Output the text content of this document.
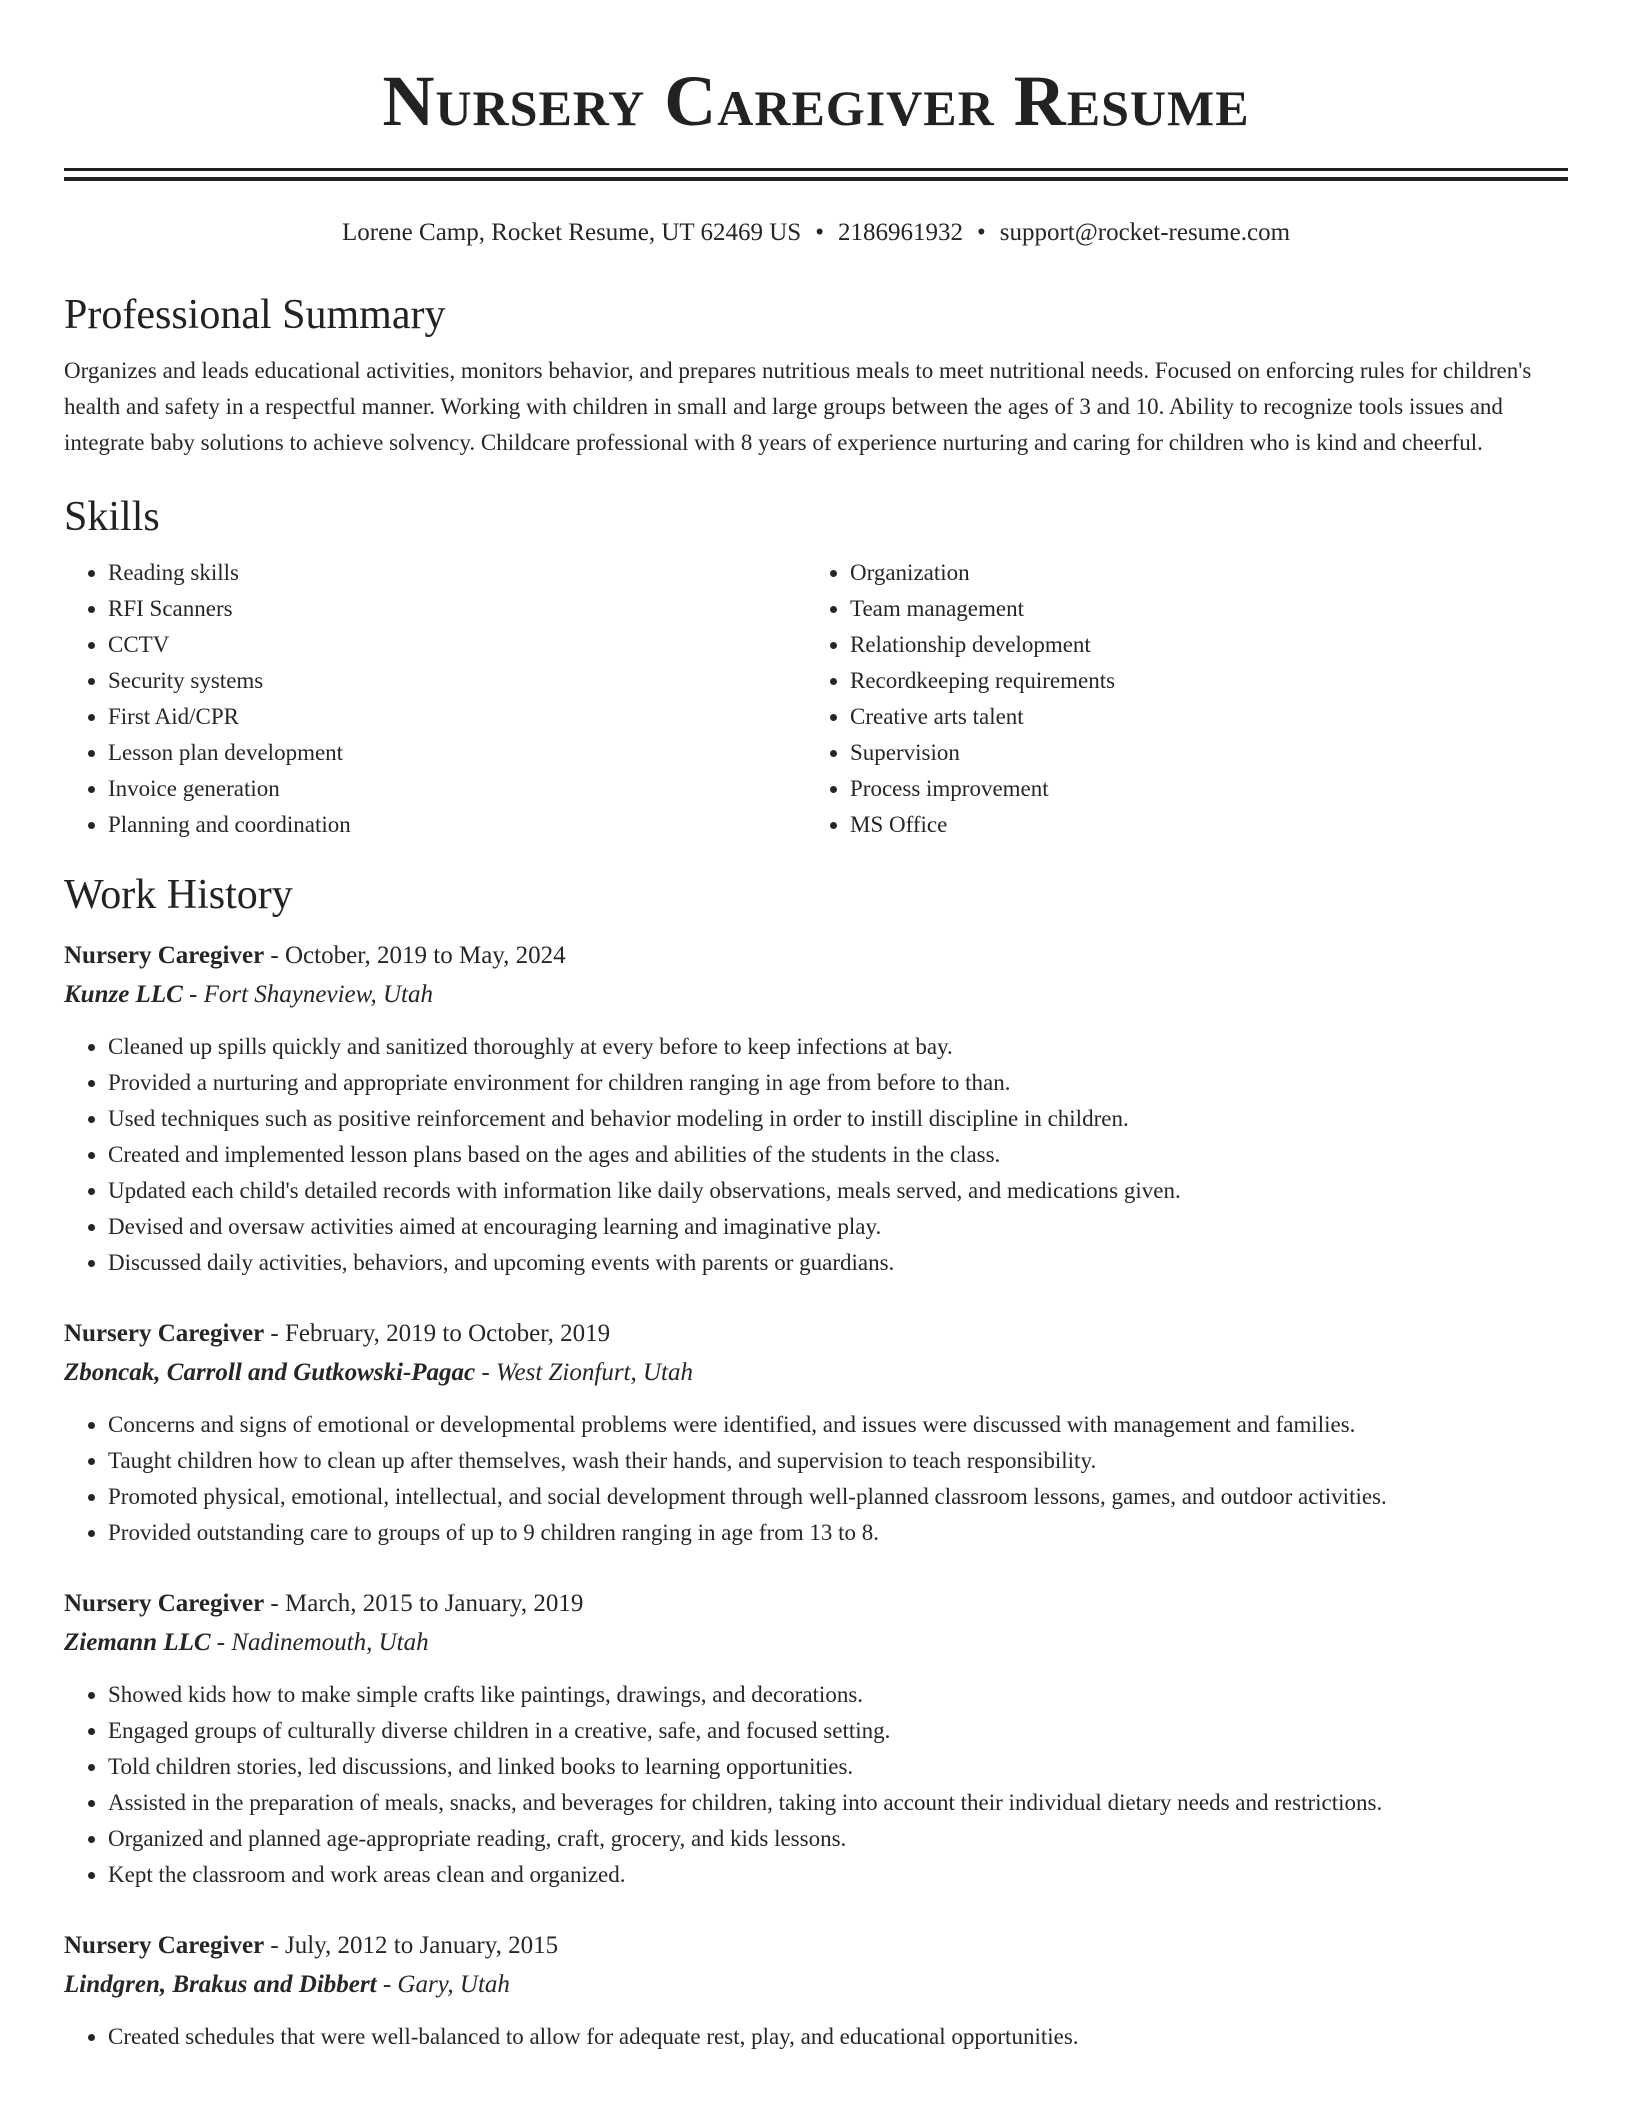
Nursery Caregiver Resume
Lorene Camp, Rocket Resume, UT 62469 US • 2186961932 • support@rocket-resume.com
Professional Summary

Organizes and leads educational activities, monitors behavior, and prepares nutritious meals to meet nutritional needs. Focused on enforcing rules for children's health and safety in a respectful manner. Working with children in small and large groups between the ages of 3 and 10. Ability to recognize tools issues and integrate baby solutions to achieve solvency. Childcare professional with 8 years of experience nurturing and caring for children who is kind and cheerful.

Skills
• Reading skills
• RFI Scanners
• CCTV
• Security systems
• First Aid/CPR
• Lesson plan development
• Invoice generation
• Planning and coordination
• Organization
• Team management
• Relationship development
• Recordkeeping requirements
• Creative arts talent
• Supervision
• Process improvement
• MS Office
Work History
Nursery Caregiver - October, 2019 to May, 2024
Kunze LLC - Fort Shayneview, Utah
• Cleaned up spills quickly and sanitized thoroughly at every before to keep infections at bay.
• Provided a nurturing and appropriate environment for children ranging in age from before to than.
• Used techniques such as positive reinforcement and behavior modeling in order to instill discipline in children.
• Created and implemented lesson plans based on the ages and abilities of the students in the class.
• Updated each child's detailed records with information like daily observations, meals served, and medications given.
• Devised and oversaw activities aimed at encouraging learning and imaginative play.
• Discussed daily activities, behaviors, and upcoming events with parents or guardians.
Nursery Caregiver - February, 2019 to October, 2019
Zboncak, Carroll and Gutkowski-Pagac - West Zionfurt, Utah
• Concerns and signs of emotional or developmental problems were identified, and issues were discussed with management and families.
• Taught children how to clean up after themselves, wash their hands, and supervision to teach responsibility.
• Promoted physical, emotional, intellectual, and social development through well-planned classroom lessons, games, and outdoor activities.
• Provided outstanding care to groups of up to 9 children ranging in age from 13 to 8.
Nursery Caregiver - March, 2015 to January, 2019
Ziemann LLC - Nadinemouth, Utah
• Showed kids how to make simple crafts like paintings, drawings, and decorations.
• Engaged groups of culturally diverse children in a creative, safe, and focused setting.
• Told children stories, led discussions, and linked books to learning opportunities.
• Assisted in the preparation of meals, snacks, and beverages for children, taking into account their individual dietary needs and restrictions.
• Organized and planned age-appropriate reading, craft, grocery, and kids lessons.
• Kept the classroom and work areas clean and organized.
Nursery Caregiver - July, 2012 to January, 2015
Lindgren, Brakus and Dibbert - Gary, Utah
• Created schedules that were well-balanced to allow for adequate rest, play, and educational opportunities.
